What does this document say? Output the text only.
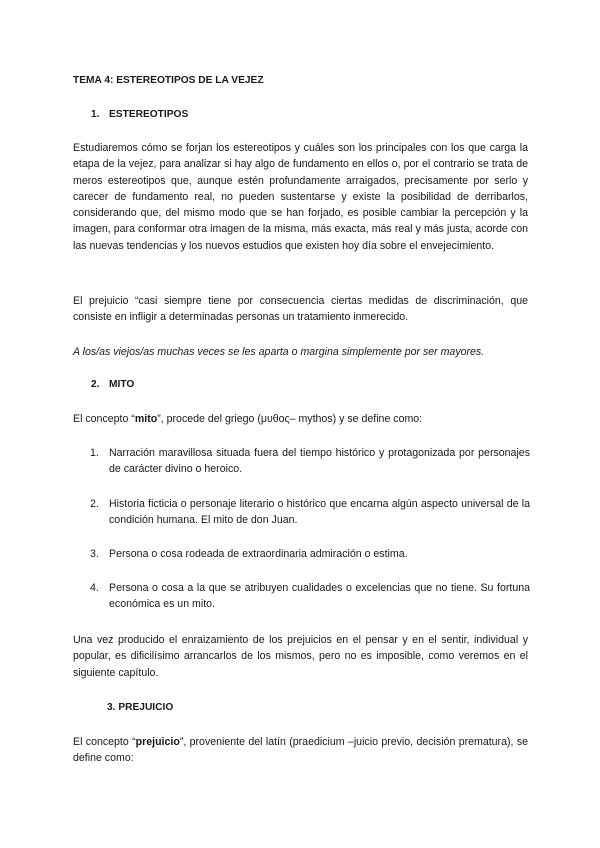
TEMA 4: ESTEREOTIPOS DE LA VEJEZ
1. ESTEREOTIPOS
Estudiaremos cómo se forjan los estereotipos y cuáles son los principales con los que carga la etapa de la vejez, para analizar si hay algo de fundamento en ellos o, por el contrario se trata de meros estereotipos que, aunque estén profundamente arraigados, precisamente por serlo y carecer de fundamento real, no pueden sustentarse y existe la posibilidad de derribarlos, considerando que, del mismo modo que se han forjado, es posible cambiar la percepción y la imagen, para conformar otra imagen de la misma, más exacta, más real y más justa, acorde con las nuevas tendencias y los nuevos estudios que existen hoy día sobre el envejecimiento.
El prejuicio “casi siempre tiene por consecuencia ciertas medidas de discriminación, que consiste en infligir a determinadas personas un tratamiento inmerecido.
A los/as viejos/as muchas veces se les aparta o margina simplemente por ser mayores.
2. MITO
El concepto “mito”, procede del griego (μυθος– mythos) y se define como:
1. Narración maravillosa situada fuera del tiempo histórico y protagonizada por personajes de carácter divino o heroico.
2. Historia ficticia o personaje literario o histórico que encarna algún aspecto universal de la condición humana. El mito de don Juan.
3. Persona o cosa rodeada de extraordinaria admiración o estima.
4. Persona o cosa a la que se atribuyen cualidades o excelencias que no tiene. Su fortuna económica es un mito.
Una vez producido el enraizamiento de los prejuicios en el pensar y en el sentir, individual y popular, es dificilísimo arrancarlos de los mismos, pero no es imposible, como veremos en el siguiente capítulo.
3. PREJUICIO
El concepto “prejuicio”, proveniente del latín (praedicium –juicio previo, decisión prematura), se define como:
